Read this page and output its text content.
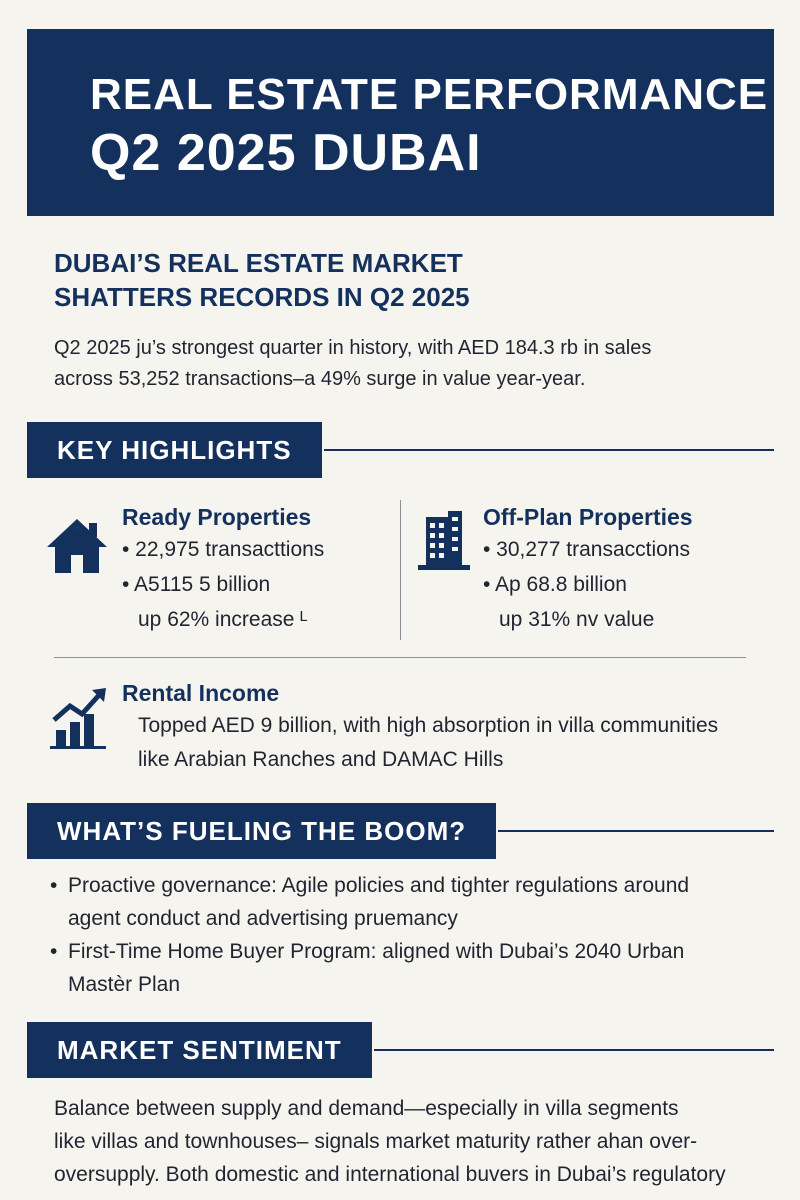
REAL ESTATE PERFORMANCE
Q2 2025 DUBAI
DUBAI’S REAL ESTATE MARKET
SHATTERS RECORDS IN Q2 2025
Q2 2025 ju’s strongest quarter in history, with AED 184.3 rb in sales
across 53,252 transactions–a 49% surge in value year-year.
KEY HIGHLIGHTS
Ready Properties
• 22,975 transacttions
• A5115 5 billion
up 62% increase ᴸ
Off-Plan Properties
• 30,277 transacctions
• Ap 68.8 billion
up 31% nv value
Rental Income
Topped AED 9 billion, with high absorption in villa communities
like Arabian Ranches and DAMAC Hills
WHAT’S FUELING THE BOOM?
• Proactive governance: Agile policies and tighter regulations around
agent conduct and advertising pruemancy
• First-Time Home Buyer Program: aligned with Dubai’s 2040 Urban
Mastèr Plan
MARKET SENTIMENT
Balance between supply and demand—especially in villa segments
like villas and townhouses– signals market maturity rather ahan over-
oversupply. Both domestic and international buvers in Dubai’s regulatory
